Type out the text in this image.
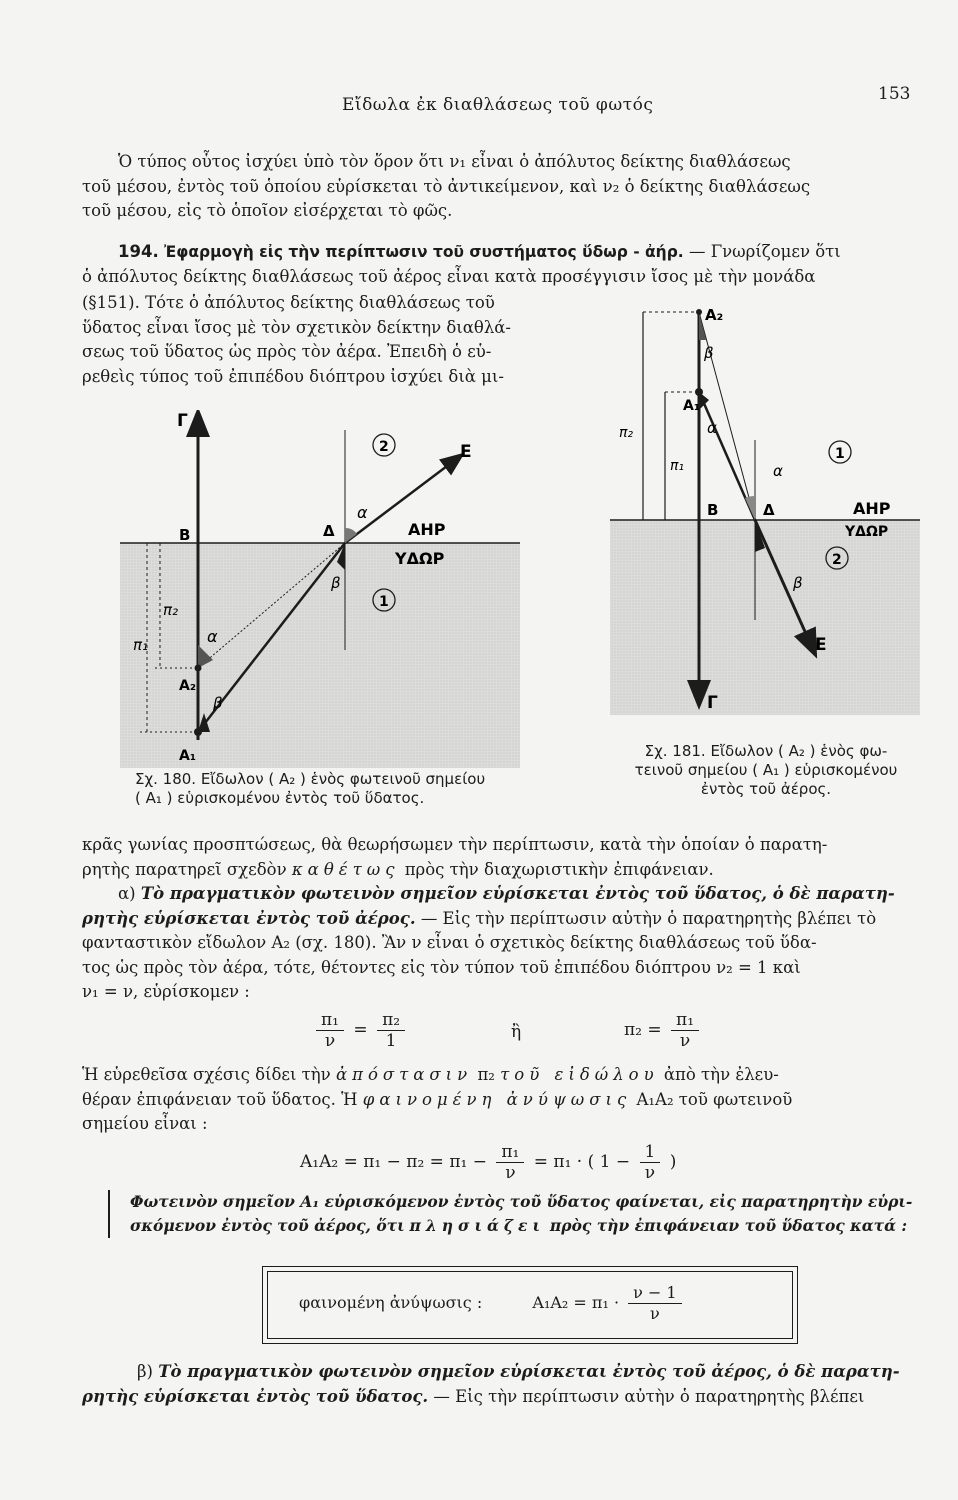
Εἴδωλα ἐκ διαθλάσεως τοῦ φωτός
153

Ὁ τύπος οὗτος ἰσχύει ὑπὸ τὸν ὅρον ὅτι ν₁ εἶναι ὁ ἀπόλυτος δείκτης διαθλάσεως

τοῦ μέσου, ἐντὸς τοῦ ὁποίου εὑρίσκεται τὸ ἀντικείμενον, καὶ ν₂ ὁ δείκτης διαθλάσεως

τοῦ μέσου, εἰς τὸ ὁποῖον εἰσέρχεται τὸ φῶς.

194. Ἐφαρμογὴ εἰς τὴν περίπτωσιν τοῦ συστήματος ὕδωρ - ἀήρ. — Γνωρίζομεν ὅτι

ὁ ἀπόλυτος δείκτης διαθλάσεως τοῦ ἀέρος εἶναι κατὰ προσέγγισιν ἴσος μὲ τὴν μονάδα

(§151). Τότε ὁ ἀπόλυτος δείκτης διαθλάσεως τοῦ

ὕδατος εἶναι ἴσος μὲ τὸν σχετικὸν δείκτην διαθλά-

σεως τοῦ ὕδατος ὡς πρὸς τὸν ἀέρα. Ἐπειδὴ ὁ εὑ-

ρεθεὶς τύπος τοῦ ἐπιπέδου διόπτρου ἰσχύει διὰ μι-

Γ
Β	Δ
Ε
ΑΗΡ
ΥΔΩΡ
2
1
α
β
α
β
π₁
π₂
Α₂
Α₁
Σχ. 180. Εἴδωλον ( Α₂ ) ἑνὸς φωτεινοῦ σημείου
( Α₁ ) εὑρισκομένου ἐντὸς τοῦ ὕδατος.
Α₂
Α₁
β
α
α
β
π₁
π₂
Β	Δ	ΑΗΡ
ΥΔΩΡ
1
2
Ε
Γ
Σχ. 181. Εἴδωλον ( Α₂ ) ἑνὸς φω-
τεινοῦ σημείου ( Α₁ ) εὑρισκομένου
ἐντὸς τοῦ ἀέρος.

κρᾶς γωνίας προσπτώσεως, θὰ θεωρήσωμεν τὴν περίπτωσιν, κατὰ τὴν ὁποίαν ὁ παρατη-

ρητὴς παρατηρεῖ σχεδὸν καθέτως πρὸς τὴν διαχωριστικὴν ἐπιφάνειαν.

α) Τὸ πραγματικὸν φωτεινὸν σημεῖον εὑρίσκεται ἐντὸς τοῦ ὕδατος, ὁ δὲ παρατη-

ρητὴς εὑρίσκεται ἐντὸς τοῦ ἀέρος. — Εἰς τὴν περίπτωσιν αὐτὴν ὁ παρατηρητὴς βλέπει τὸ

φανταστικὸν εἴδωλον Α₂ (σχ. 180). Ἂν ν εἶναι ὁ σχετικὸς δείκτης διαθλάσεως τοῦ ὕδα-

τος ὡς πρὸς τὸν ἀέρα, τότε, θέτοντες εἰς τὸν τύπον τοῦ ἐπιπέδου διόπτρου ν₂ = 1 καὶ

ν₁ = ν, εὑρίσκομεν :

$\frac{\text{π₁}}{\nu} = \frac{\text{π₂}}{1}$	ἢ	$\pi_2 = \frac{\text{π₁}}{\nu}$

Ἡ εὑρεθεῖσα σχέσις δίδει τὴν ἀπόστασιν π₂ τοῦ εἰδώλου ἀπὸ τὴν ἐλευ-

θέραν ἐπιφάνειαν τοῦ ὕδατος. Ἡ φαινομένη ἀνύψωσις Α₁Α₂ τοῦ φωτεινοῦ

σημείου εἶναι :

$A_1A_2 = \pi_1 - \pi_2 = \pi_1 - \frac{\text{π₁}}{\nu} = \pi_1$ · ( $1 - \frac{1}{\nu}$ )
Φωτεινὸν σημεῖον Α₁ εὑρισκόμενον ἐντὸς τοῦ ὕδατος φαίνεται, εἰς παρατηρητὴν εὑρι-
σκόμενον ἐντὸς τοῦ ἀέρος, ὅτι πλησιάζει πρὸς τὴν ἐπιφάνειαν τοῦ ὕδατος κατά :
φαινομένη ἀνύψωσις :	$A_1A_2 = \pi_1 \cdot \frac{\nu - 1}{\nu}$

β) Τὸ πραγματικὸν φωτεινὸν σημεῖον εὑρίσκεται ἐντὸς τοῦ ἀέρος, ὁ δὲ παρατη-

ρητὴς εὑρίσκεται ἐντὸς τοῦ ὕδατος. — Εἰς τὴν περίπτωσιν αὐτὴν ὁ παρατηρητὴς βλέπει
